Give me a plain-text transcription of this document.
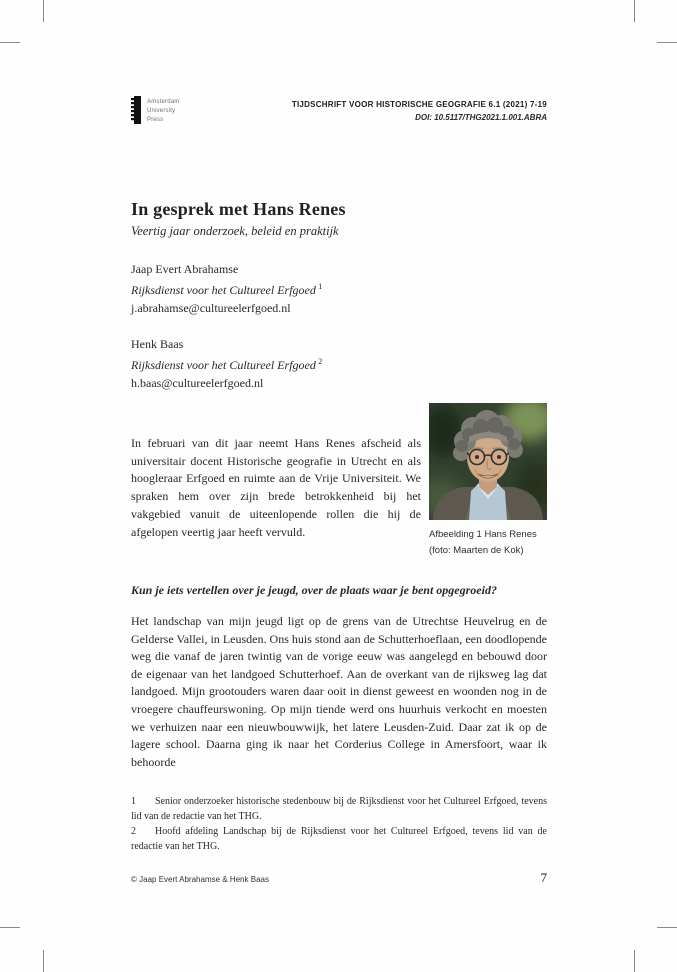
Amsterdam
University
Press
TIJDSCHRIFT VOOR HISTORISCHE GEOGRAFIE 6.1 (2021) 7-19
DOI: 10.5117/THG2021.1.001.ABRA
In gesprek met Hans Renes
Veertig jaar onderzoek, beleid en praktijk
Jaap Evert Abrahamse
Rijksdienst voor het Cultureel Erfgoed  $^1$
j.abrahamse@cultureelerfgoed.nl
Henk Baas
Rijksdienst voor het Cultureel Erfgoed  $^2$
h.baas@cultureelerfgoed.nl

In februari van dit jaar neemt Hans Renes afscheid als universitair docent Historische geografie in Utrecht en als hoogleraar Erfgoed en ruimte aan de Vrije Universiteit. We spraken hem over zijn brede betrokkenheid bij het vakgebied vanuit de uiteenlopende rollen die hij de afgelopen veertig jaar heeft vervuld.	Afbeelding 1 Hans Renes
(foto: Maarten de Kok)
Kun je iets vertellen over je jeugd, over de plaats waar je bent opgegroeid?

Het landschap van mijn jeugd ligt op de grens van de Utrechtse Heuvelrug en de Gelderse Vallei, in Leusden. Ons huis stond aan de Schutterhoeflaan, een doodlopende weg die vanaf de jaren twintig van de vorige eeuw was aangelegd en bebouwd door de eigenaar van het landgoed Schutterhoef. Aan de overkant van de rijksweg lag dat landgoed. Mijn grootouders waren daar ooit in dienst geweest en woonden nog in de vroegere chauffeurswoning. Op mijn tiende werd ons huurhuis verkocht en moesten we verhuizen naar een nieuwbouwwijk, het latere Leusden-Zuid. Daar zat ik op de lagere school. Daarna ging ik naar het Corderius College in Amersfoort, waar ik behoorde

1 Senior onderzoeker historische stedenbouw bij de Rijksdienst voor het Cultureel Erfgoed, tevens lid van de redactie van het THG.

2 Hoofd afdeling Landschap bij de Rijksdienst voor het Cultureel Erfgoed, tevens lid van de redactie van het THG.

© Jaap Evert Abrahamse & Henk Baas	7
